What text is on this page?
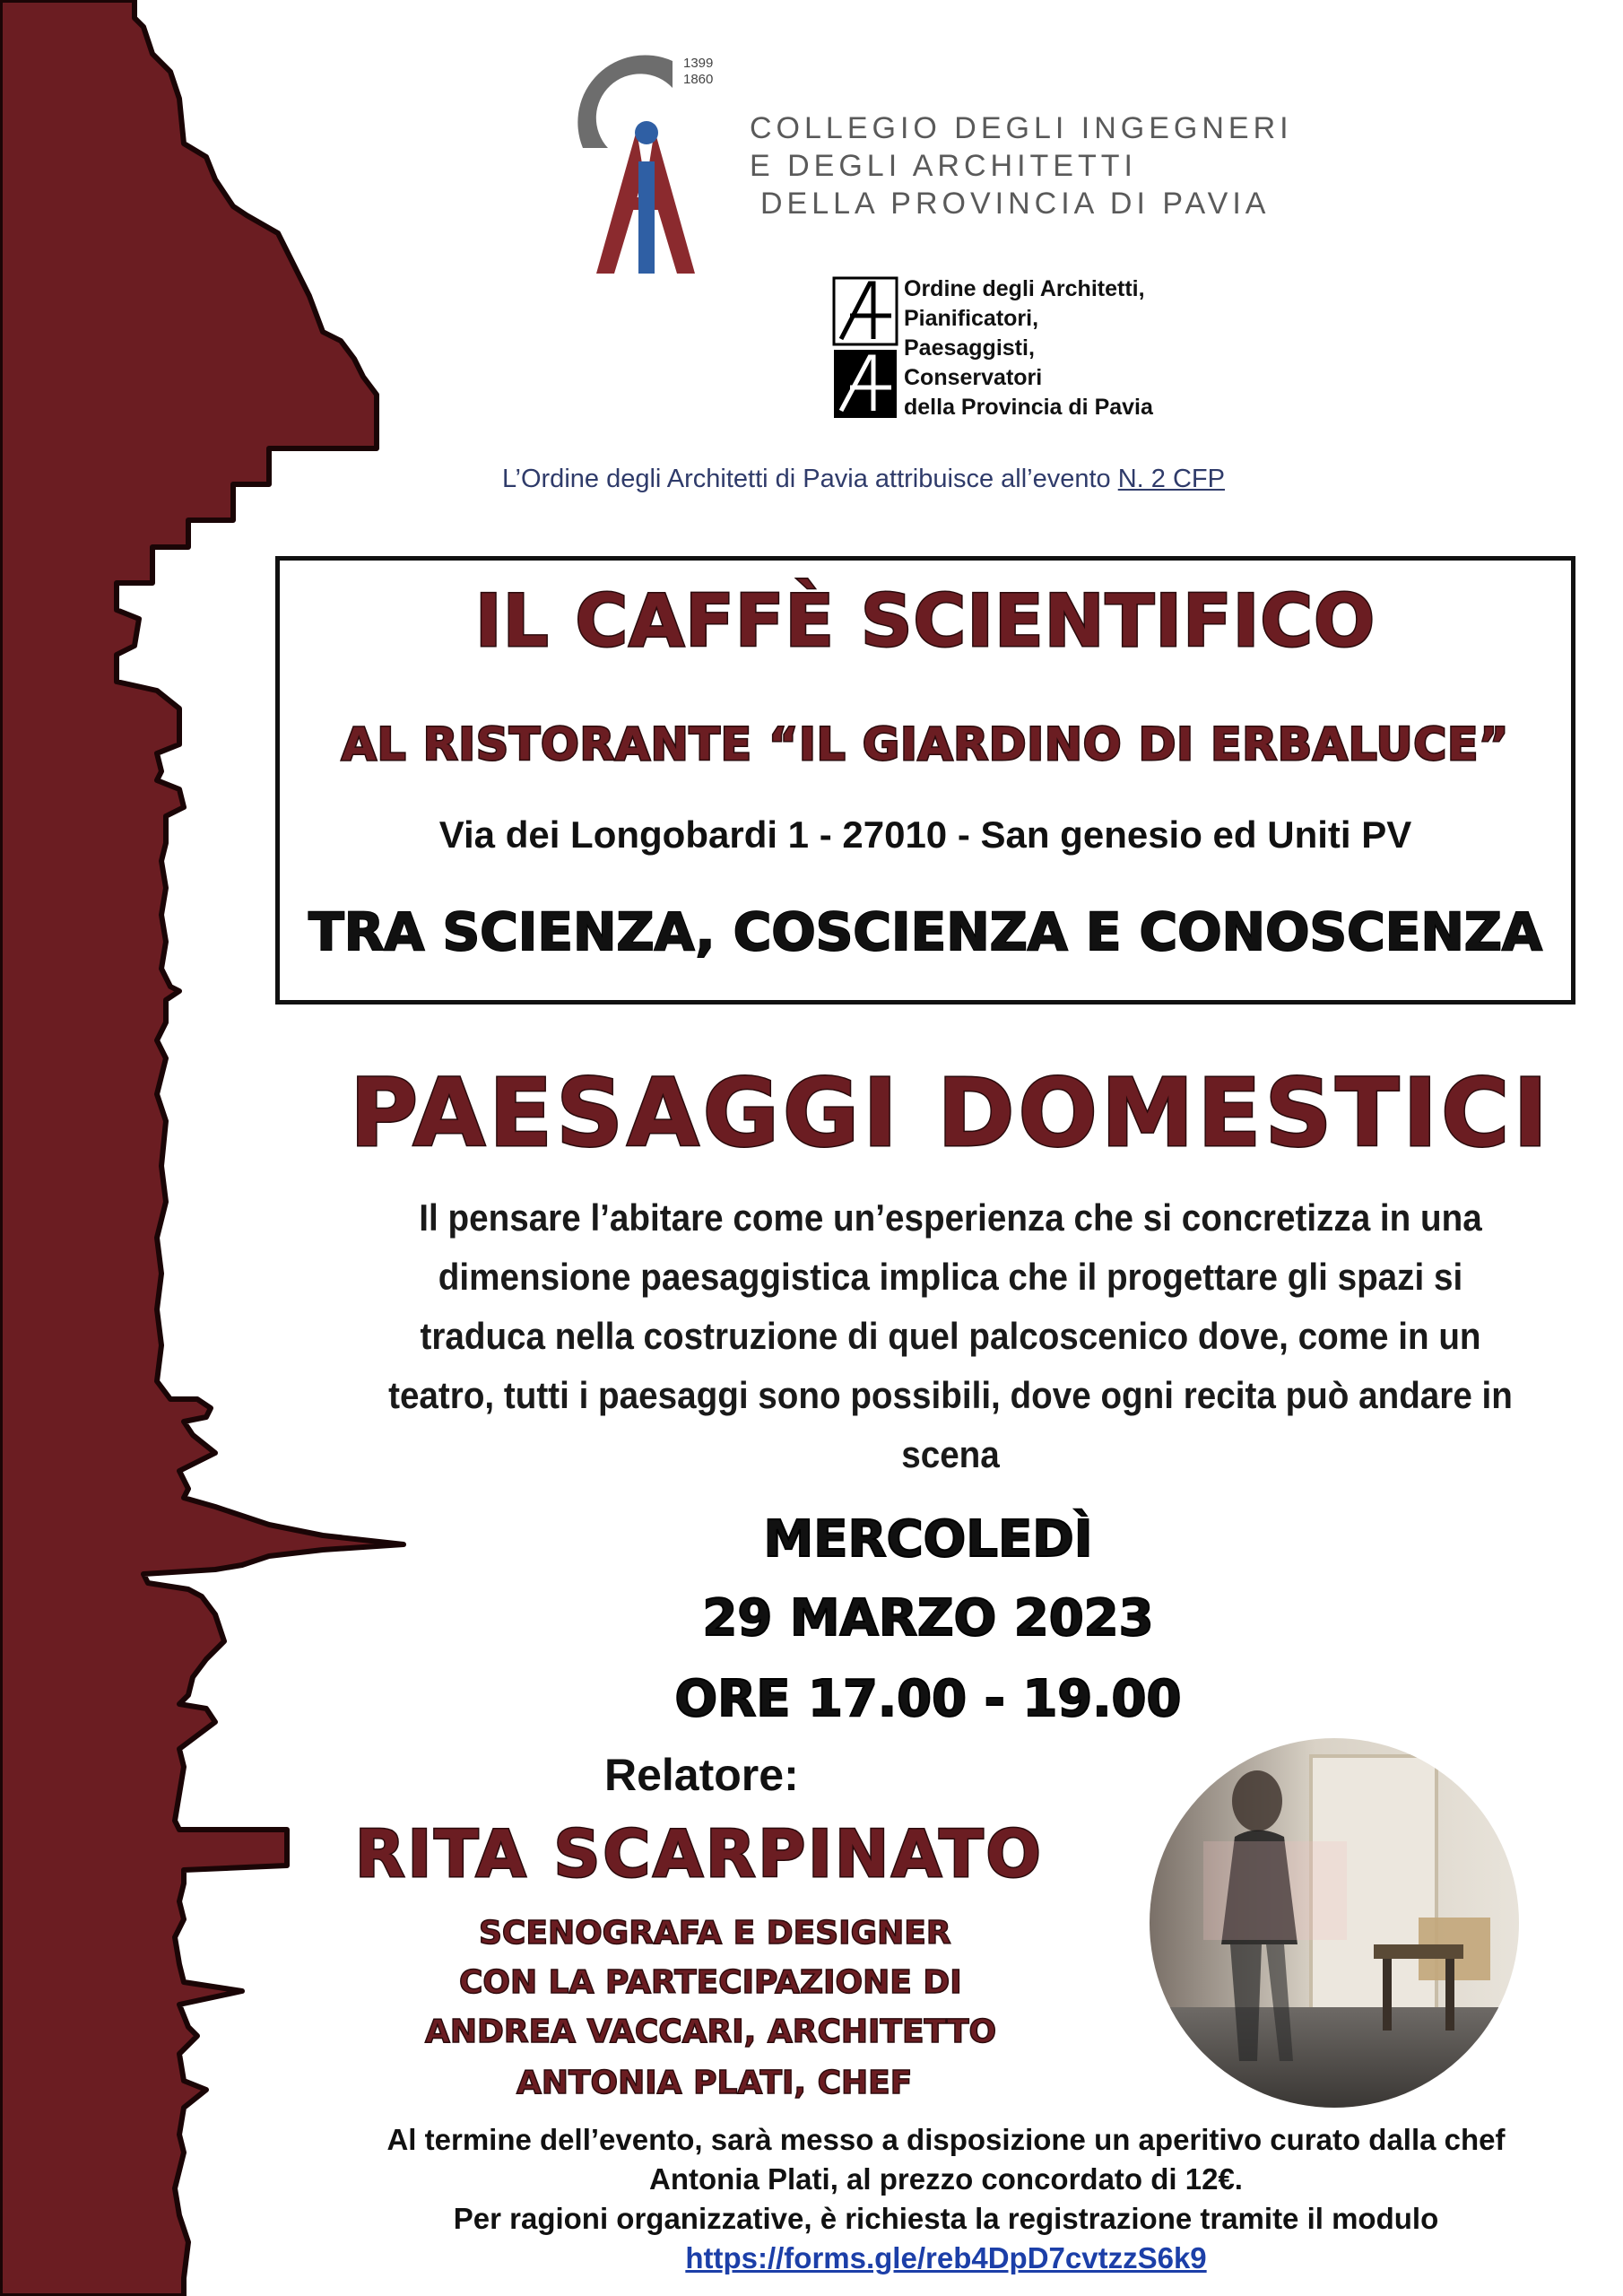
1399
1860
COLLEGIO DEGLI INGEGNERI
E DEGLI ARCHITETTI
DELLA PROVINCIA DI PAVIA
Ordine degli Architetti,
Pianificatori,
Paesaggisti,
Conservatori
della Provincia di Pavia
L’Ordine degli Architetti di Pavia attribuisce all’evento N. 2 CFP
IL CAFFÈ SCIENTIFICO
AL RISTORANTE “IL GIARDINO DI ERBALUCE”
Via dei Longobardi 1 - 27010 - San genesio ed Uniti PV
TRA SCIENZA, COSCIENZA E CONOSCENZA
PAESAGGI DOMESTICI
Il pensare l’abitare come un’esperienza che si concretizza in una dimensione paesaggistica implica che il progettare gli spazi si traduca nella costruzione di quel palcoscenico dove, come in un teatro, tutti i paesaggi sono possibili, dove ogni recita può andare in scena
MERCOLEDÌ
29 MARZO 2023
ORE 17.00 - 19.00
Relatore:
RITA SCARPINATO
SCENOGRAFA E DESIGNER
CON LA PARTECIPAZIONE DI
ANDREA VACCARI, ARCHITETTO
ANTONIA PLATI, CHEF
Al termine dell’evento, sarà messo a disposizione un aperitivo curato dalla chef
Antonia Plati, al prezzo concordato di 12€.
Per ragioni organizzative, è richiesta la registrazione tramite il modulo
https://forms.gle/reb4DpD7cvtzzS6k9
